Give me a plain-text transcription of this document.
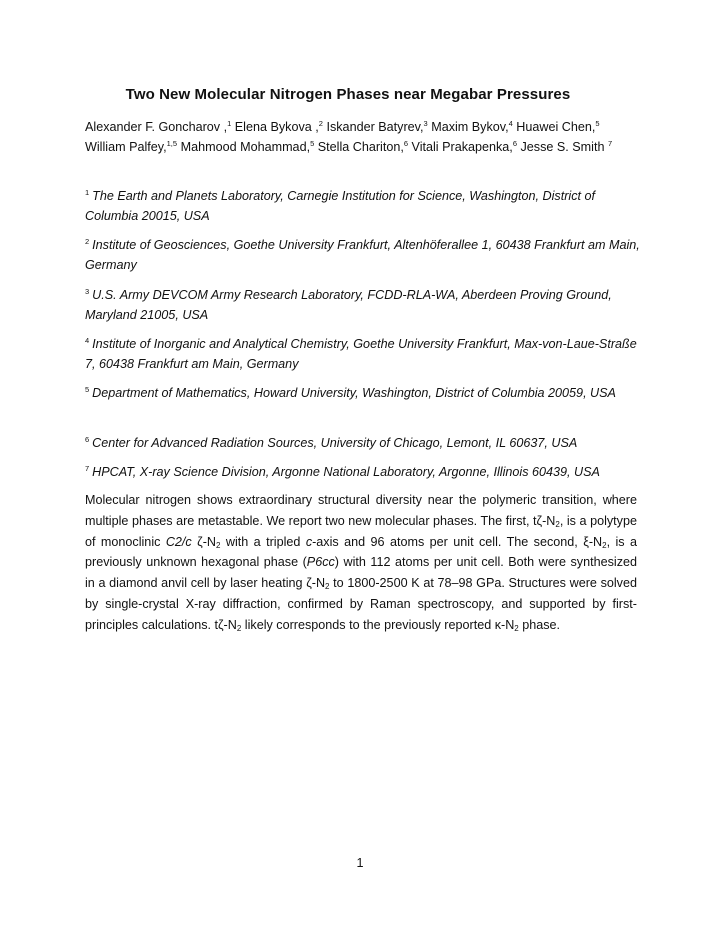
Two New Molecular Nitrogen Phases near Megabar Pressures
Alexander F. Goncharov ,$^1$ Elena Bykova ,$^2$ Iskander Batyrev,$^3$ Maxim Bykov,$^4$ Huawei Chen,$^5$
William Palfey,$^{1,5}$ Mahmood Mohammad,$^5$ Stella Chariton,$^6$ Vitali Prakapenka,$^6$ Jesse S. Smith $^7$
$^1$ The Earth and Planets Laboratory, Carnegie Institution for Science, Washington, District of Columbia 20015, USA
$^2$ Institute of Geosciences, Goethe University Frankfurt, Altenhöferallee 1, 60438 Frankfurt am Main, Germany
$^3$ U.S. Army DEVCOM Army Research Laboratory, FCDD-RLA-WA, Aberdeen Proving Ground, Maryland 21005, USA
$^4$ Institute of Inorganic and Analytical Chemistry, Goethe University Frankfurt, Max-von-Laue-Straße 7, 60438 Frankfurt am Main, Germany
$^5$ Department of Mathematics, Howard University, Washington, District of Columbia 20059, USA
$^6$ Center for Advanced Radiation Sources, University of Chicago, Lemont, IL 60637, USA
$^7$ HPCAT, X-ray Science Division, Argonne National Laboratory, Argonne, Illinois 60439, USA
Molecular nitrogen shows extraordinary structural diversity near the polymeric transition, where multiple phases are metastable. We report two new molecular phases. The first, $t\zeta-N_2$, is a polytype of monoclinic C2/c $\zeta-N_2$ with a tripled c-axis and 96 atoms per unit cell. The second, $\xi-N_2$, is a previously unknown hexagonal phase (P6cc) with 112 atoms per unit cell. Both were synthesized in a diamond anvil cell by laser heating $\zeta-N_2$ to 1800-2500 K at 78–98 GPa. Structures were solved by single-crystal X-ray diffraction, confirmed by Raman spectroscopy, and supported by first-principles calculations. $t\zeta-N_2$ likely corresponds to the previously reported $\kappa-N_2$ phase.
1
